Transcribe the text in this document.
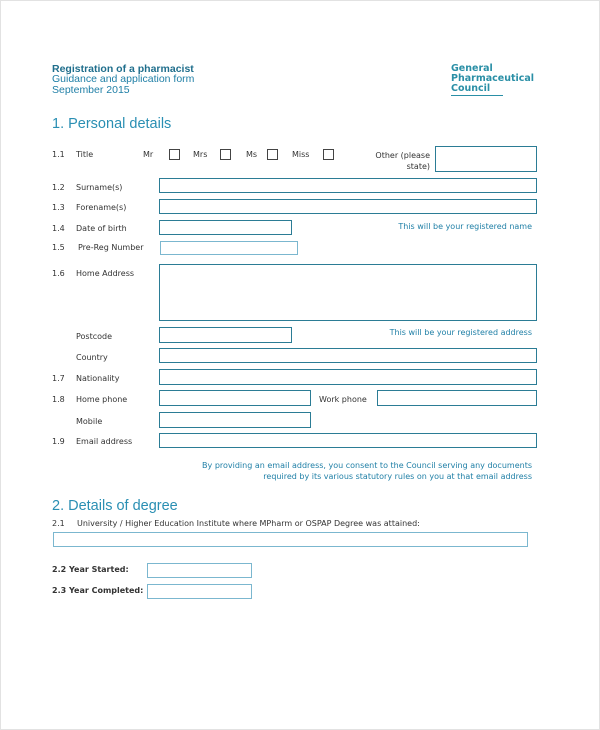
Registration of a pharmacist
Guidance and application form
September 2015
General
Pharmaceutical
Council
1. Personal details
1.1 Title	Mr	Mrs	Ms	Miss	Other (please
state)
1.2 Surname(s)
1.3 Forename(s)
1.4 Date of birth	This will be your registered name
1.5 Pre-Reg Number
1.6 Home Address
Postcode	This will be your registered address
Country
1.7 Nationality
1.8 Home phone	Work phone
Mobile
1.9 Email address
By providing an email address, you consent to the Council serving any documents
required by its various statutory rules on you at that email address
2. Details of degree
2.1 University / Higher Education Institute where MPharm or OSPAP Degree was attained:
2.2 Year Started:
2.3 Year Completed:
